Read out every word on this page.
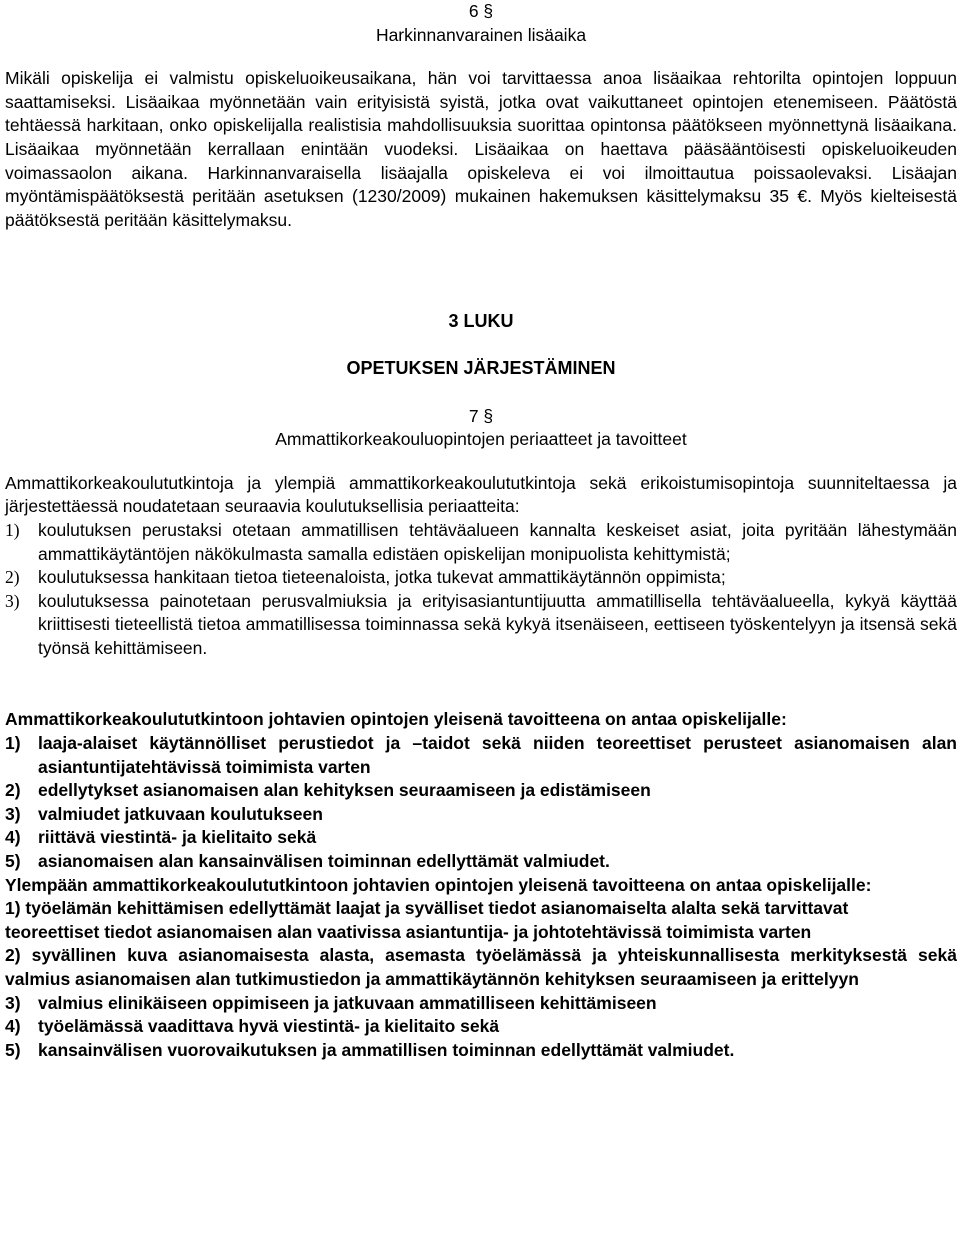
6 §
Harkinnanvarainen lisäaika
Mikäli opiskelija ei valmistu opiskeluoikeusaikana, hän voi tarvittaessa anoa lisäaikaa rehtorilta opintojen loppuun saattamiseksi. Lisäaikaa myönnetään vain erityisistä syistä, jotka ovat vaikuttaneet opintojen etenemiseen. Päätöstä tehtäessä harkitaan, onko opiskelijalla realistisia mahdollisuuksia suorittaa opintonsa päätökseen myönnettynä lisäaikana. Lisäaikaa myönnetään kerrallaan enintään vuodeksi. Lisäaikaa on haettava pääsääntöisesti opiskeluoikeuden voimassaolon aikana. Harkinnanvaraisella lisäajalla opiskeleva ei voi ilmoittautua poissaolevaksi. Lisäajan myöntämispäätöksestä peritään asetuksen (1230/2009) mukainen hakemuksen käsittelymaksu 35 €. Myös kielteisestä päätöksestä peritään käsittelymaksu.
3 LUKU
OPETUKSEN JÄRJESTÄMINEN
7 §
Ammattikorkeakouluopintojen periaatteet ja tavoitteet
Ammattikorkeakoulututkintoja ja ylempiä ammattikorkeakoulututkintoja sekä erikoistumisopintoja suunniteltaessa ja järjestettäessä noudatetaan seuraavia koulutuksellisia periaatteita:
1) koulutuksen perustaksi otetaan ammatillisen tehtäväalueen kannalta keskeiset asiat, joita pyritään lähestymään ammattikäytäntöjen näkökulmasta samalla edistäen opiskelijan monipuolista kehittymistä;
2) koulutuksessa hankitaan tietoa tieteenaloista, jotka tukevat ammattikäytännön oppimista;
3) koulutuksessa painotetaan perusvalmiuksia ja erityisasiantuntijuutta ammatillisella tehtäväalueella, kykyä käyttää kriittisesti tieteellistä tietoa ammatillisessa toiminnassa sekä kykyä itsenäiseen, eettiseen työskentelyyn ja itsensä sekä työnsä kehittämiseen.
Ammattikorkeakoulututkintoon johtavien opintojen yleisenä tavoitteena on antaa opiskelijalle:
1) laaja-alaiset käytännölliset perustiedot ja –taidot sekä niiden teoreettiset perusteet asianomaisen alan asiantuntijatehtävissä toimimista varten
2) edellytykset asianomaisen alan kehityksen seuraamiseen ja edistämiseen
3) valmiudet jatkuvaan koulutukseen
4) riittävä viestintä- ja kielitaito sekä
5) asianomaisen alan kansainvälisen toiminnan edellyttämät valmiudet.
Ylempään ammattikorkeakoulututkintoon johtavien opintojen yleisenä tavoitteena on antaa opiskelijalle:
1) työelämän kehittämisen edellyttämät laajat ja syvälliset tiedot asianomaiselta alalta sekä tarvittavat
teoreettiset tiedot asianomaisen alan vaativissa asiantuntija- ja johtotehtävissä toimimista varten
2) syvällinen kuva asianomaisesta alasta, asemasta työelämässä ja yhteiskunnallisesta merkityksestä sekä valmius asianomaisen alan tutkimustiedon ja ammattikäytännön kehityksen seuraamiseen ja erittelyyn
3) valmius elinikäiseen oppimiseen ja jatkuvaan ammatilliseen kehittämiseen
4) työelämässä vaadittava hyvä viestintä- ja kielitaito sekä
5) kansainvälisen vuorovaikutuksen ja ammatillisen toiminnan edellyttämät valmiudet.
